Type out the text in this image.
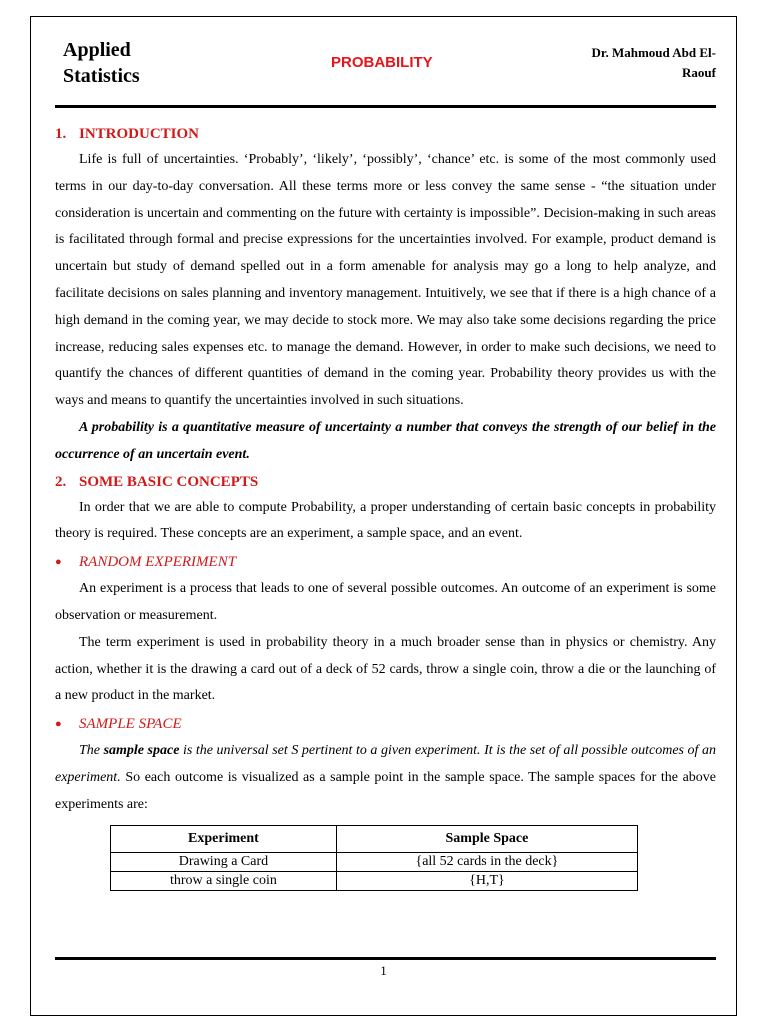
Applied
Statistics
PROBABILITY
Dr. Mahmoud Abd El-
Raouf
1. INTRODUCTION

Life is full of uncertainties. ‘Probably’, ‘likely’, ‘possibly’, ‘chance’ etc. is some of the most commonly used terms in our day-to-day conversation. All these terms more or less convey the same sense - “the situation under consideration is uncertain and commenting on the future with certainty is impossible”. Decision-making in such areas is facilitated through formal and precise expressions for the uncertainties involved. For example, product demand is uncertain but study of demand spelled out in a form amenable for analysis may go a long to help analyze, and facilitate decisions on sales planning and inventory management. Intuitively, we see that if there is a high chance of a high demand in the coming year, we may decide to stock more. We may also take some decisions regarding the price increase, reducing sales expenses etc. to manage the demand. However, in order to make such decisions, we need to quantify the chances of different quantities of demand in the coming year. Probability theory provides us with the ways and means to quantify the uncertainties involved in such situations.

A probability is a quantitative measure of uncertainty a number that conveys the strength of our belief in the occurrence of an uncertain event.

2. SOME BASIC CONCEPTS

In order that we are able to compute Probability, a proper understanding of certain basic concepts in probability theory is required. These concepts are an experiment, a sample space, and an event.

● RANDOM EXPERIMENT

An experiment is a process that leads to one of several possible outcomes. An outcome of an experiment is some observation or measurement.

The term experiment is used in probability theory in a much broader sense than in physics or chemistry. Any action, whether it is the drawing a card out of a deck of 52 cards, throw a single coin, throw a die or the launching of a new product in the market.

● SAMPLE SPACE

The sample space is the universal set S pertinent to a given experiment. It is the set of all possible outcomes of an experiment. So each outcome is visualized as a sample point in the sample space. The sample spaces for the above experiments are:

Experiment	Sample Space
Drawing a Card	{all 52 cards in the deck}
throw a single coin	{H,T}
1
